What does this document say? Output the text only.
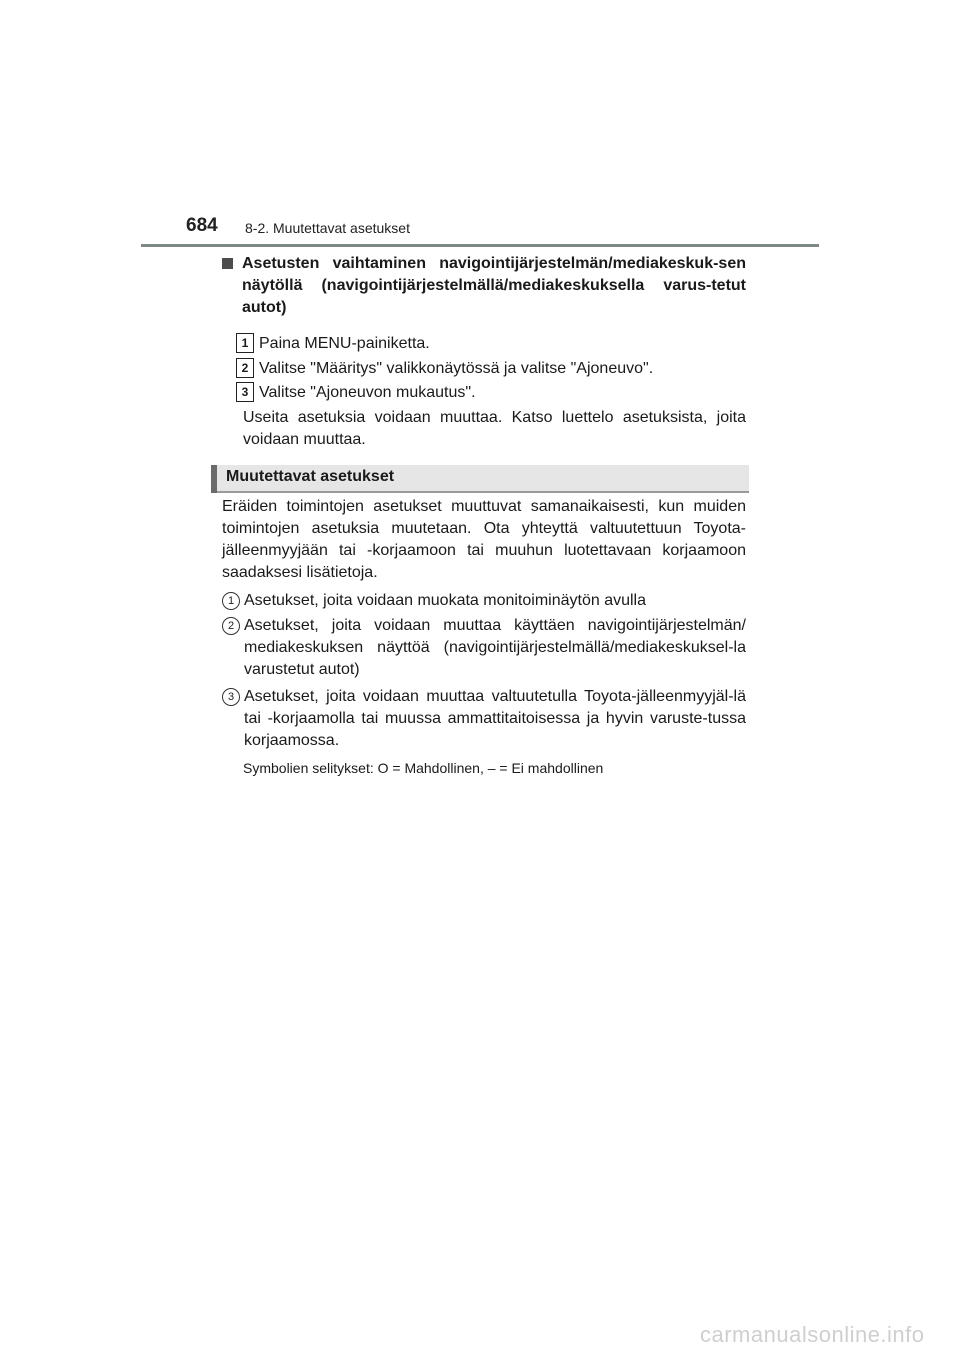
684 8-2. Muutettavat asetukset
Asetusten vaihtaminen navigointijärjestelmän/mediakeskuk-sen näytöllä (navigointijärjestelmällä/mediakeskuksella varus-tetut autot)
1 Paina MENU-painiketta.
2 Valitse "Määritys" valikkonäytössä ja valitse "Ajoneuvo".
3 Valitse "Ajoneuvon mukautus".
Useita asetuksia voidaan muuttaa. Katso luettelo asetuksista, joita voidaan muuttaa.
Muutettavat asetukset
Eräiden toimintojen asetukset muuttuvat samanaikaisesti, kun muiden toimintojen asetuksia muutetaan. Ota yhteyttä valtuutettuun Toyota-jälleenmyyjään tai -korjaamoon tai muuhun luotettavaan korjaamoon saadaksesi lisätietoja.
1 Asetukset, joita voidaan muokata monitoiminäytön avulla
2 Asetukset, joita voidaan muuttaa käyttäen navigointijärjestelmän/ mediakeskuksen näyttöä (navigointijärjestelmällä/mediakeskuksel-la varustetut autot)
3 Asetukset, joita voidaan muuttaa valtuutetulla Toyota-jälleenmyyjäl-lä tai -korjaamolla tai muussa ammattitaitoisessa ja hyvin varuste-tussa korjaamossa.
Symbolien selitykset: O = Mahdollinen, – = Ei mahdollinen
carmanualsonline.info
